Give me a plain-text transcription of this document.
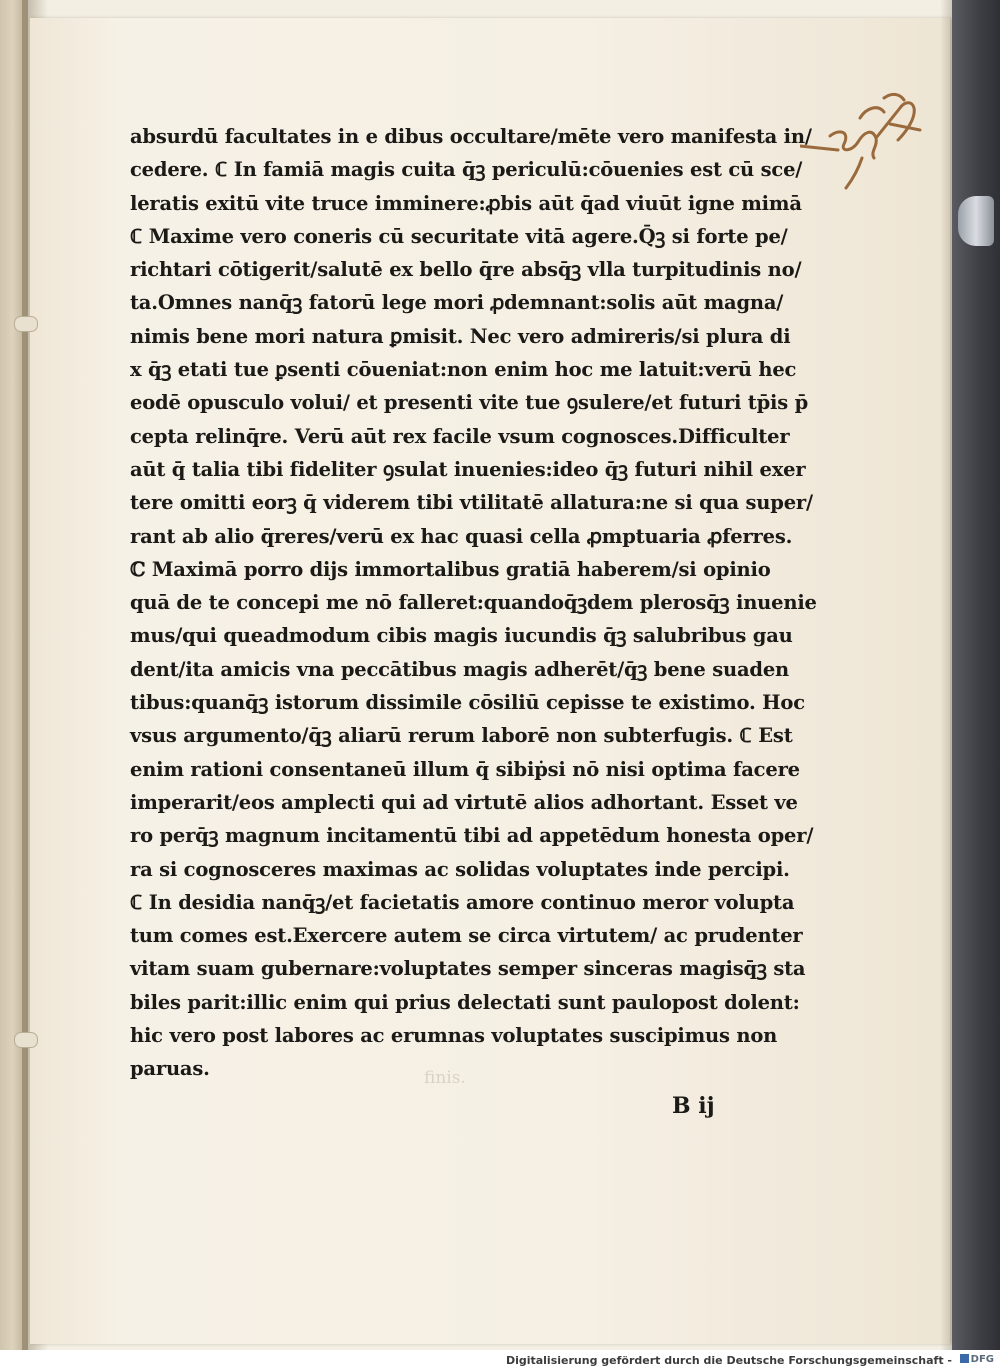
absurdū facultates in e dibus occultare/mēte vero manifesta in/
cedere. ℂ In famiā magis cuita q̄ꝫ periculū:cōuenies est cū sce/
leratis exitū vite truce imminere:ꝓbis aūt q̄ad viuūt igne mimā
ℂ Maxime vero coneris cū securitate vitā agere.Q̄ꝫ si forte pe/
richtari cōtigerit/salutē ex bello q̄re absq̄ꝫ vlla turpitudinis no/
ta.Omnes nanq̄ꝫ fatorū lege mori ꝓdemnant:solis aūt magna/
nimis bene mori natura ꝑmisit. Nec vero admireris/si plura di
x q̄ꝫ etati tue ꝑsenti cōueniat:non enim hoc me latuit:verū hec
eodē opusculo volui/ et presenti vite tue ꝯsulere/et futuri tp̄is p̄
cepta relinq̄re. Verū aūt rex facile vsum cognosces.Difficulter
aūt q̄ talia tibi fideliter ꝯsulat inuenies:ideo q̄ꝫ futuri nihil exer
tere omitti eorꝫ q̄ viderem tibi vtilitatē allatura:ne si qua super/
rant ab alio q̄reres/verū ex hac quasi cella ꝓmptuaria ꝓferres.
ℂ Maximā porro dijs immortalibus gratiā haberem/si opinio
quā de te concepi me nō falleret:quandoq̄ꝫdem plerosq̄ꝫ inuenie
mus/qui queadmodum cibis magis iucundis q̄ꝫ salubribus gau
dent/ita amicis vna peccātibus magis adherēt/q̄ꝫ bene suaden
tibus:quanq̄ꝫ istorum dissimile cōsiliū cepisse te existimo. Hoc
vsus argumento/q̄ꝫ aliarū rerum laborē non subterfugis. ℂ Est
enim rationi consentaneū illum q̄ sibiṗsi nō nisi optima facere
imperarit/eos amplecti qui ad virtutē alios adhortant. Esset ve
ro perq̄ꝫ magnum incitamentū tibi ad appetēdum honesta oper/
ra si cognosceres maximas ac solidas voluptates inde percipi.
ℂ In desidia nanq̄ꝫ/et facietatis amore continuo meror volupta
tum comes est.Exercere autem se circa virtutem/ ac prudenter
vitam suam gubernare:voluptates semper sinceras magisq̄ꝫ sta
biles parit:illic enim qui prius delectati sunt paulopost dolent:
hic vero post labores ac erumnas voluptates suscipimus non
paruas.	ﬁnis.
B ij
Digitalisierung gefördert durch die Deutsche Forschungsgemeinschaft -	DFG
